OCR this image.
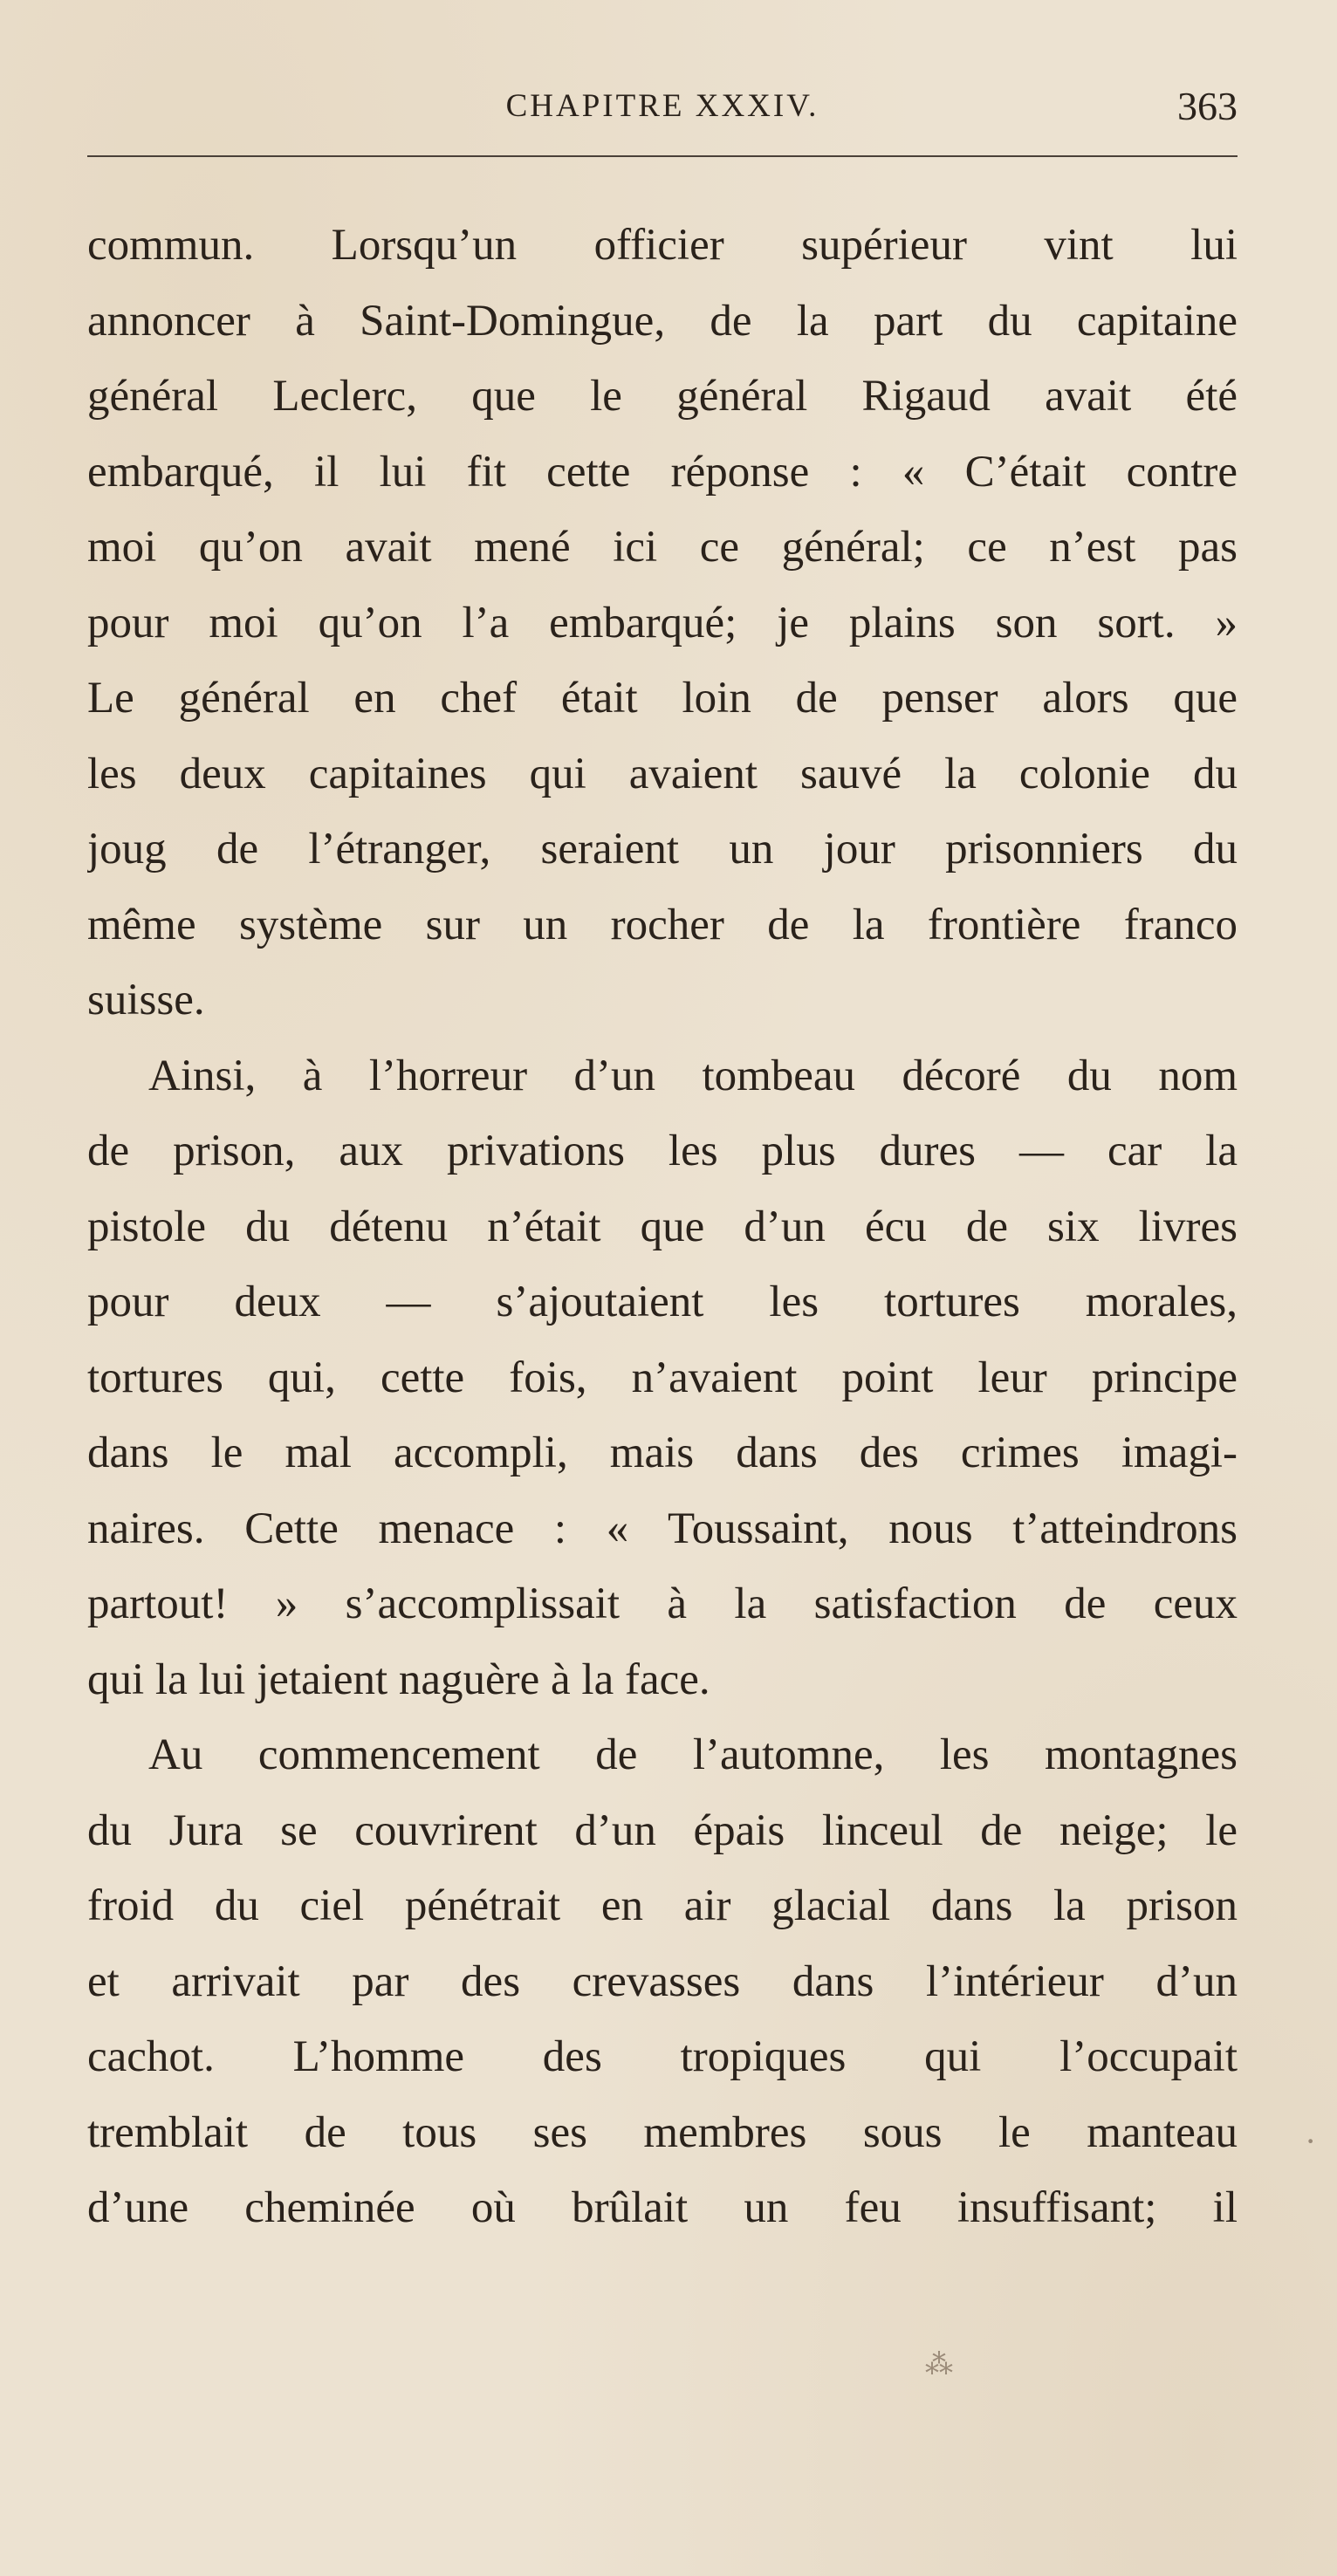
CHAPITRE XXXIV.	363
commun. Lorsqu’un officier supérieur vint lui
annoncer à Saint-Domingue, de la part du capitaine
général Leclerc, que le général Rigaud avait été
embarqué, il lui fit cette réponse : « C’était contre
moi qu’on avait mené ici ce général; ce n’est pas
pour moi qu’on l’a embarqué; je plains son sort. »
Le général en chef était loin de penser alors que
les deux capitaines qui avaient sauvé la colonie du
joug de l’étranger, seraient un jour prisonniers du
même système sur un rocher de la frontière franco
suisse.
Ainsi, à l’horreur d’un tombeau décoré du nom
de prison, aux privations les plus dures — car la
pistole du détenu n’était que d’un écu de six livres
pour deux — s’ajoutaient les tortures morales,
tortures qui, cette fois, n’avaient point leur principe
dans le mal accompli, mais dans des crimes imagi-
naires. Cette menace : « Toussaint, nous t’atteindrons
partout! » s’accomplissait à la satisfaction de ceux
qui la lui jetaient naguère à la face.
Au commencement de l’automne, les montagnes
du Jura se couvrirent d’un épais linceul de neige; le
froid du ciel pénétrait en air glacial dans la prison
et arrivait par des crevasses dans l’intérieur d’un
cachot. L’homme des tropiques qui l’occupait
tremblait de tous ses membres sous le manteau
d’une cheminée où brûlait un feu insuffisant; il
·
⁂
